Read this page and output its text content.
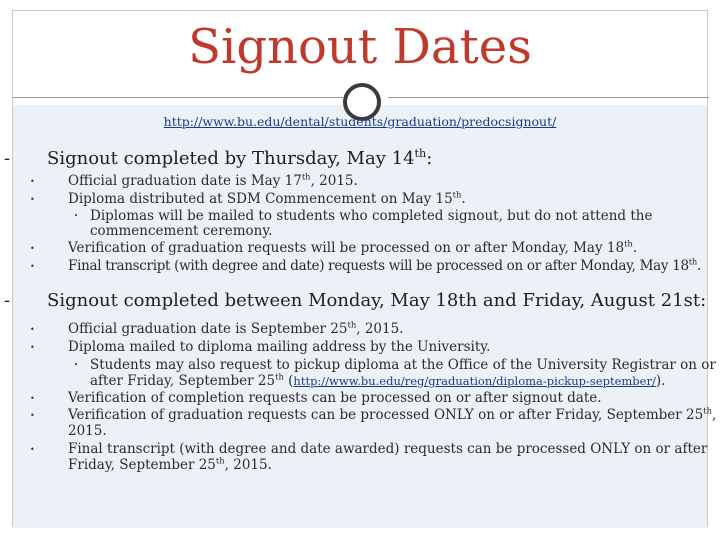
Signout Dates
http://www.bu.edu/dental/students/graduation/predocsignout/
- Signout completed by Thursday, May 14th:
• Official graduation date is May 17th, 2015.
• Diploma distributed at SDM Commencement on May 15th.
• Diplomas will be mailed to students who completed signout, but do not attend the
commencement ceremony.
• Verification of graduation requests will be processed on or after Monday, May 18th.
• Final transcript (with degree and date) requests will be processed on or after Monday, May 18th.
- Signout completed between Monday, May 18th and Friday, August 21st:
• Official graduation date is September 25th, 2015.
• Diploma mailed to diploma mailing address by the University.
• Students may also request to pickup diploma at the Office of the University Registrar on or
after Friday, September 25th (http://www.bu.edu/reg/graduation/diploma-pickup-september/).
• Verification of completion requests can be processed on or after signout date.
• Verification of graduation requests can be processed ONLY on or after Friday, September 25th,
2015.
• Final transcript (with degree and date awarded) requests can be processed ONLY on or after
Friday, September 25th, 2015.
